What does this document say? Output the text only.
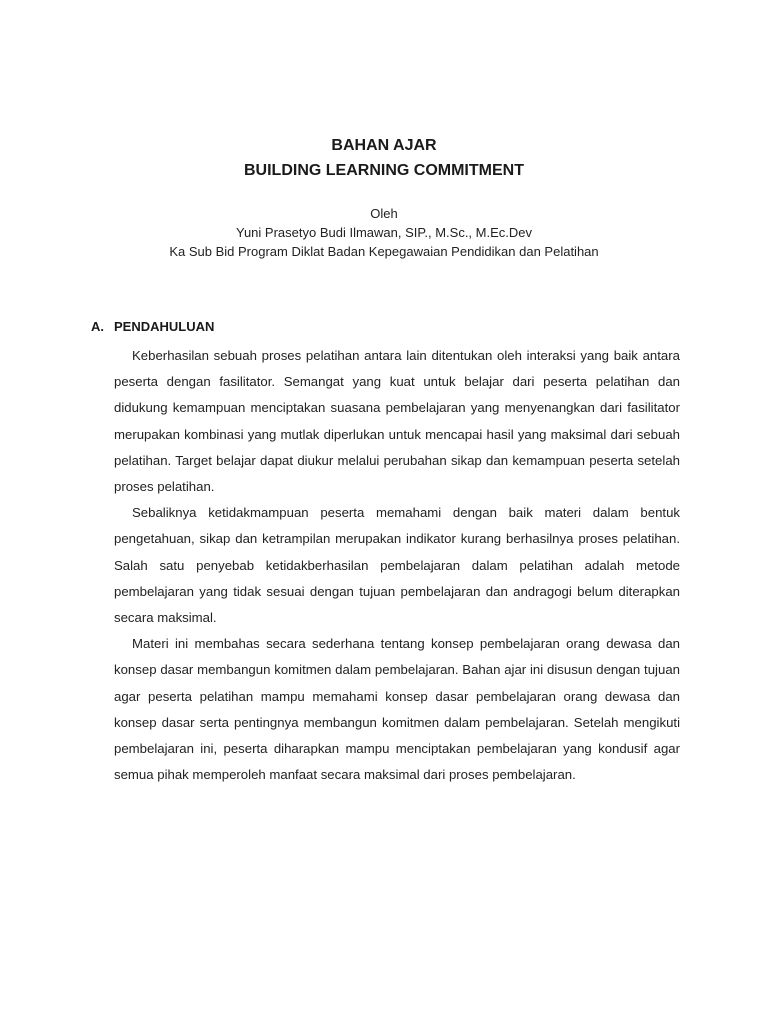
BAHAN AJAR
BUILDING LEARNING COMMITMENT
Oleh
Yuni Prasetyo Budi Ilmawan, SIP., M.Sc., M.Ec.Dev
Ka Sub Bid Program Diklat Badan Kepegawaian Pendidikan dan Pelatihan
A. PENDAHULUAN

Keberhasilan sebuah proses pelatihan antara lain ditentukan oleh interaksi yang baik antara peserta dengan fasilitator. Semangat yang kuat untuk belajar dari peserta pelatihan dan didukung kemampuan menciptakan suasana pembelajaran yang menyenangkan dari fasilitator merupakan kombinasi yang mutlak diperlukan untuk mencapai hasil yang maksimal dari sebuah pelatihan. Target belajar dapat diukur melalui perubahan sikap dan kemampuan peserta setelah proses pelatihan.

Sebaliknya ketidakmampuan peserta memahami dengan baik materi dalam bentuk pengetahuan, sikap dan ketrampilan merupakan indikator kurang berhasilnya proses pelatihan. Salah satu penyebab ketidakberhasilan pembelajaran dalam pelatihan adalah metode pembelajaran yang tidak sesuai dengan tujuan pembelajaran dan andragogi belum diterapkan secara maksimal.

Materi ini membahas secara sederhana tentang konsep pembelajaran orang dewasa dan konsep dasar membangun komitmen dalam pembelajaran. Bahan ajar ini disusun dengan tujuan agar peserta pelatihan mampu memahami konsep dasar pembelajaran orang dewasa dan konsep dasar serta pentingnya membangun komitmen dalam pembelajaran. Setelah mengikuti pembelajaran ini, peserta diharapkan mampu menciptakan pembelajaran yang kondusif agar semua pihak memperoleh manfaat secara maksimal dari proses pembelajaran.
